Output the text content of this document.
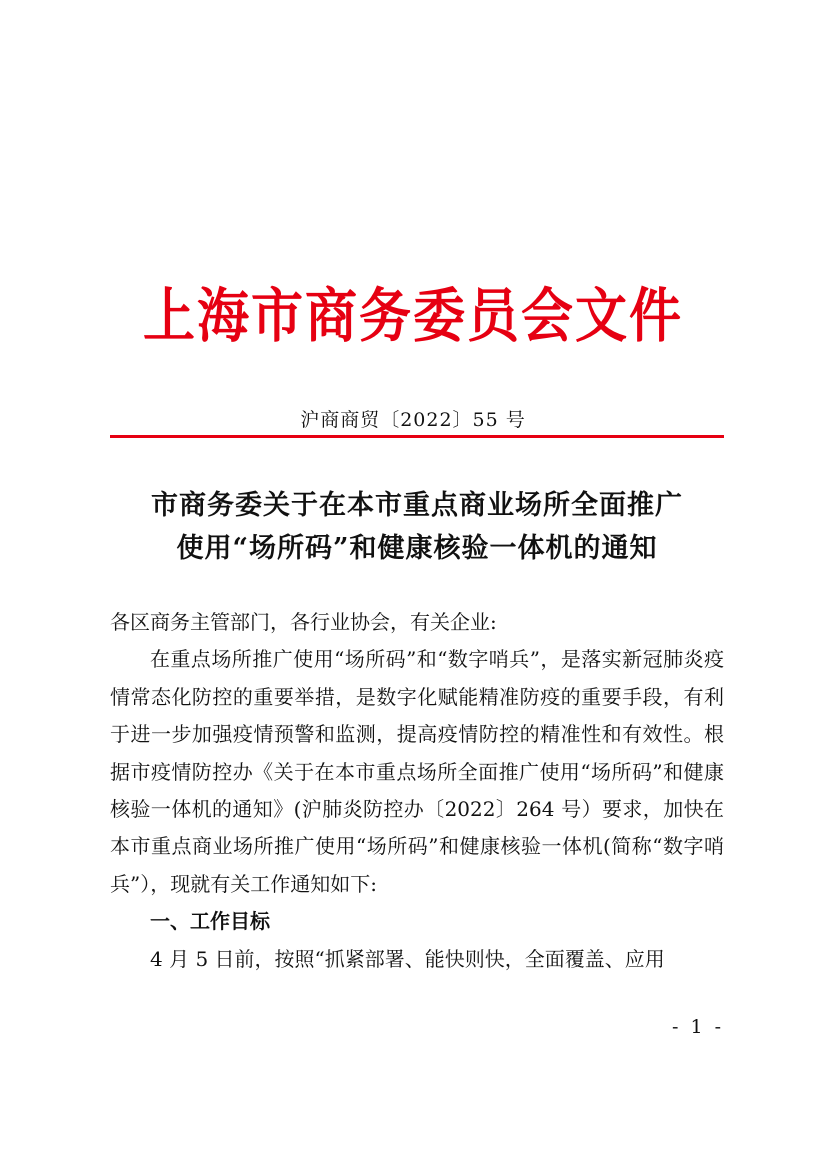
上海市商务委员会文件
沪商商贸〔2022〕55 号
市商务委关于在本市重点商业场所全面推广
使用“场所码”和健康核验一体机的通知

各区商务主管部门，各行业协会，有关企业:

在重点场所推广使用“场所码”和“数字哨兵”，是落实新冠肺炎疫情常态化防控的重要举措，是数字化赋能精准防疫的重要手段，有利于进一步加强疫情预警和监测，提高疫情防控的精准性和有效性。根据市疫情防控办《关于在本市重点场所全面推广使用“场所码”和健康核验一体机的通知》(沪肺炎防控办〔2022〕264 号）要求，加快在本市重点商业场所推广使用“场所码”和健康核验一体机(简称“数字哨兵”），现就有关工作通知如下:

一、工作目标

4 月 5 日前，按照“抓紧部署、能快则快，全面覆盖、应用

- 1 -
